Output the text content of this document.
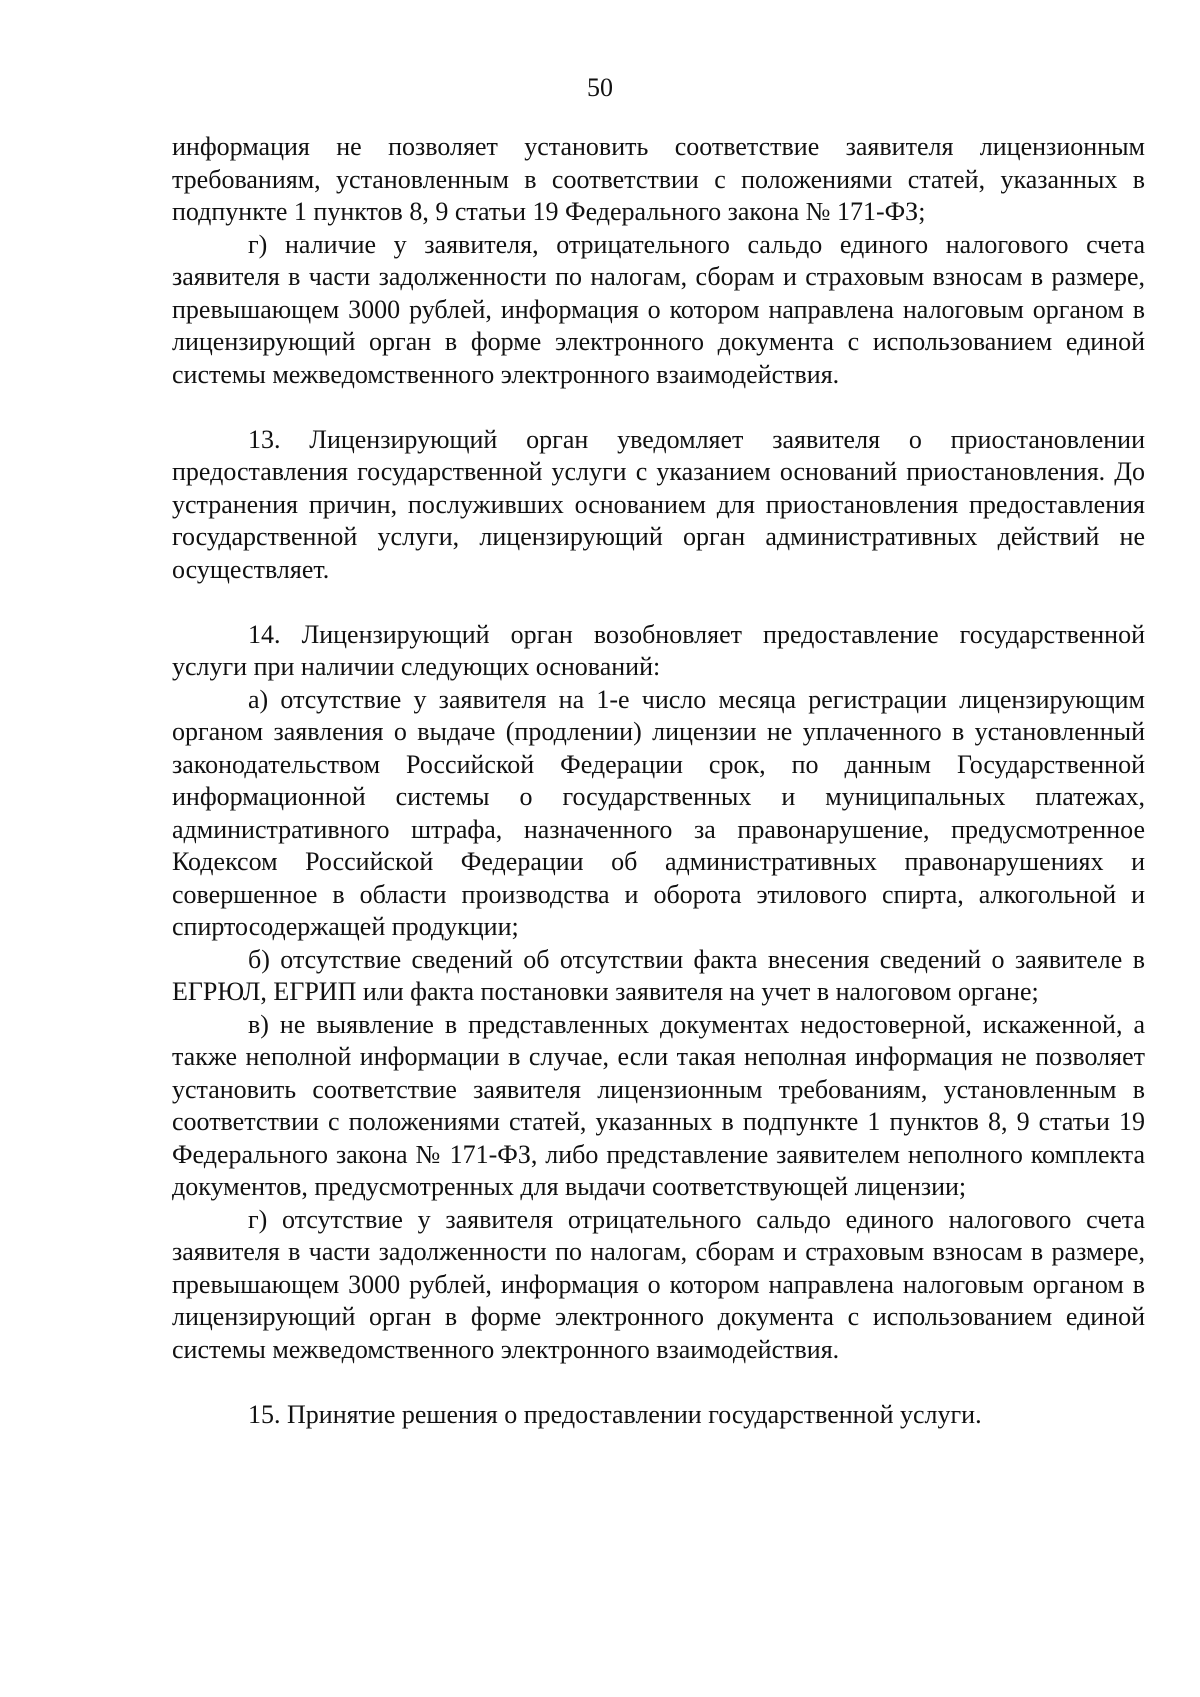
50

информация не позволяет установить соответствие заявителя лицензионным требованиям, установленным в соответствии с положениями статей, указанных в подпункте 1 пунктов 8, 9 статьи 19 Федерального закона № 171-ФЗ;

г) наличие у заявителя, отрицательного сальдо единого налогового счета заявителя в части задолженности по налогам, сборам и страховым взносам в размере, превышающем 3000 рублей, информация о котором направлена налоговым органом в лицензирующий орган в форме электронного документа с использованием единой системы межведомственного электронного взаимодействия.

13. Лицензирующий орган уведомляет заявителя о приостановлении предоставления государственной услуги с указанием оснований приостановления. До устранения причин, послуживших основанием для приостановления предоставления государственной услуги, лицензирующий орган административных действий не осуществляет.

14. Лицензирующий орган возобновляет предоставление государственной услуги при наличии следующих оснований:

а) отсутствие у заявителя на 1-е число месяца регистрации лицензирующим органом заявления о выдаче (продлении) лицензии не уплаченного в установленный законодательством Российской Федерации срок, по данным Государственной информационной системы о государственных и муниципальных платежах, административного штрафа, назначенного за правонарушение, предусмотренное Кодексом Российской Федерации об административных правонарушениях и совершенное в области производства и оборота этилового спирта, алкогольной и спиртосодержащей продукции;

б) отсутствие сведений об отсутствии факта внесения сведений о заявителе в ЕГРЮЛ, ЕГРИП или факта постановки заявителя на учет в налоговом органе;

в) не выявление в представленных документах недостоверной, искаженной, а также неполной информации в случае, если такая неполная информация не позволяет установить соответствие заявителя лицензионным требованиям, установленным в соответствии с положениями статей, указанных в подпункте 1 пунктов 8, 9 статьи 19 Федерального закона № 171-ФЗ, либо представление заявителем неполного комплекта документов, предусмотренных для выдачи соответствующей лицензии;

г) отсутствие у заявителя отрицательного сальдо единого налогового счета заявителя в части задолженности по налогам, сборам и страховым взносам в размере, превышающем 3000 рублей, информация о котором направлена налоговым органом в лицензирующий орган в форме электронного документа с использованием единой системы межведомственного электронного взаимодействия.

15. Принятие решения о предоставлении государственной услуги.
